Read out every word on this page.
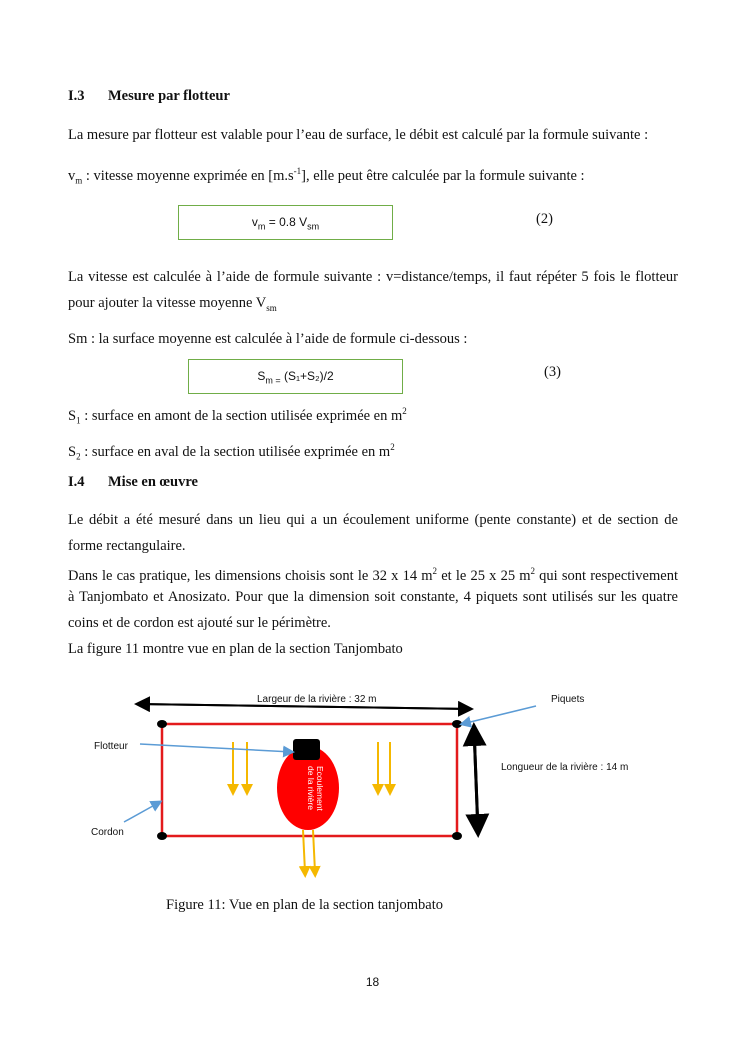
I.3 Mesure par flotteur
La mesure par flotteur est valable pour l’eau de surface, le débit est calculé par la formule suivante :
$v_m$ : vitesse moyenne exprimée en $[m.s^{-1}]$, elle peut être calculée par la formule suivante :
$v_m = 0.8$ $V_{sm}$	(2)
La vitesse est calculée à l’aide de formule suivante : v=distance/temps, il faut répéter 5 fois le flotteur
pour ajouter la vitesse moyenne $V_{sm}$
Sm : la surface moyenne est calculée à l’aide de formule ci-dessous :
$S_{m =}$ (S₁+S₂)/2	(3)
$S_1$ : surface en amont de la section utilisée exprimée en $m^2$
$S_2$ : surface en aval de la section utilisée exprimée en $m^2$
I.4 Mise en œuvre
Le débit a été mesuré dans un lieu qui a un écoulement uniforme (pente constante) et de section de
forme rectangulaire.
Dans le cas pratique, les dimensions choisis sont le 32 x 14 $m^2$ et le 25 x 25 $m^2$ qui sont respectivement
à Tanjombato et Anosizato. Pour que la dimension soit constante, 4 piquets sont utilisés sur les quatre
coins et de cordon est ajouté sur le périmètre.
La figure 11 montre vue en plan de la section Tanjombato
Ecoulement
de la rivière
Largeur de la rivière : 32 m	Piquets
Flotteur
Longueur de la rivière : 14 m
Cordon
Figure 11: Vue en plan de la section tanjombato
18
